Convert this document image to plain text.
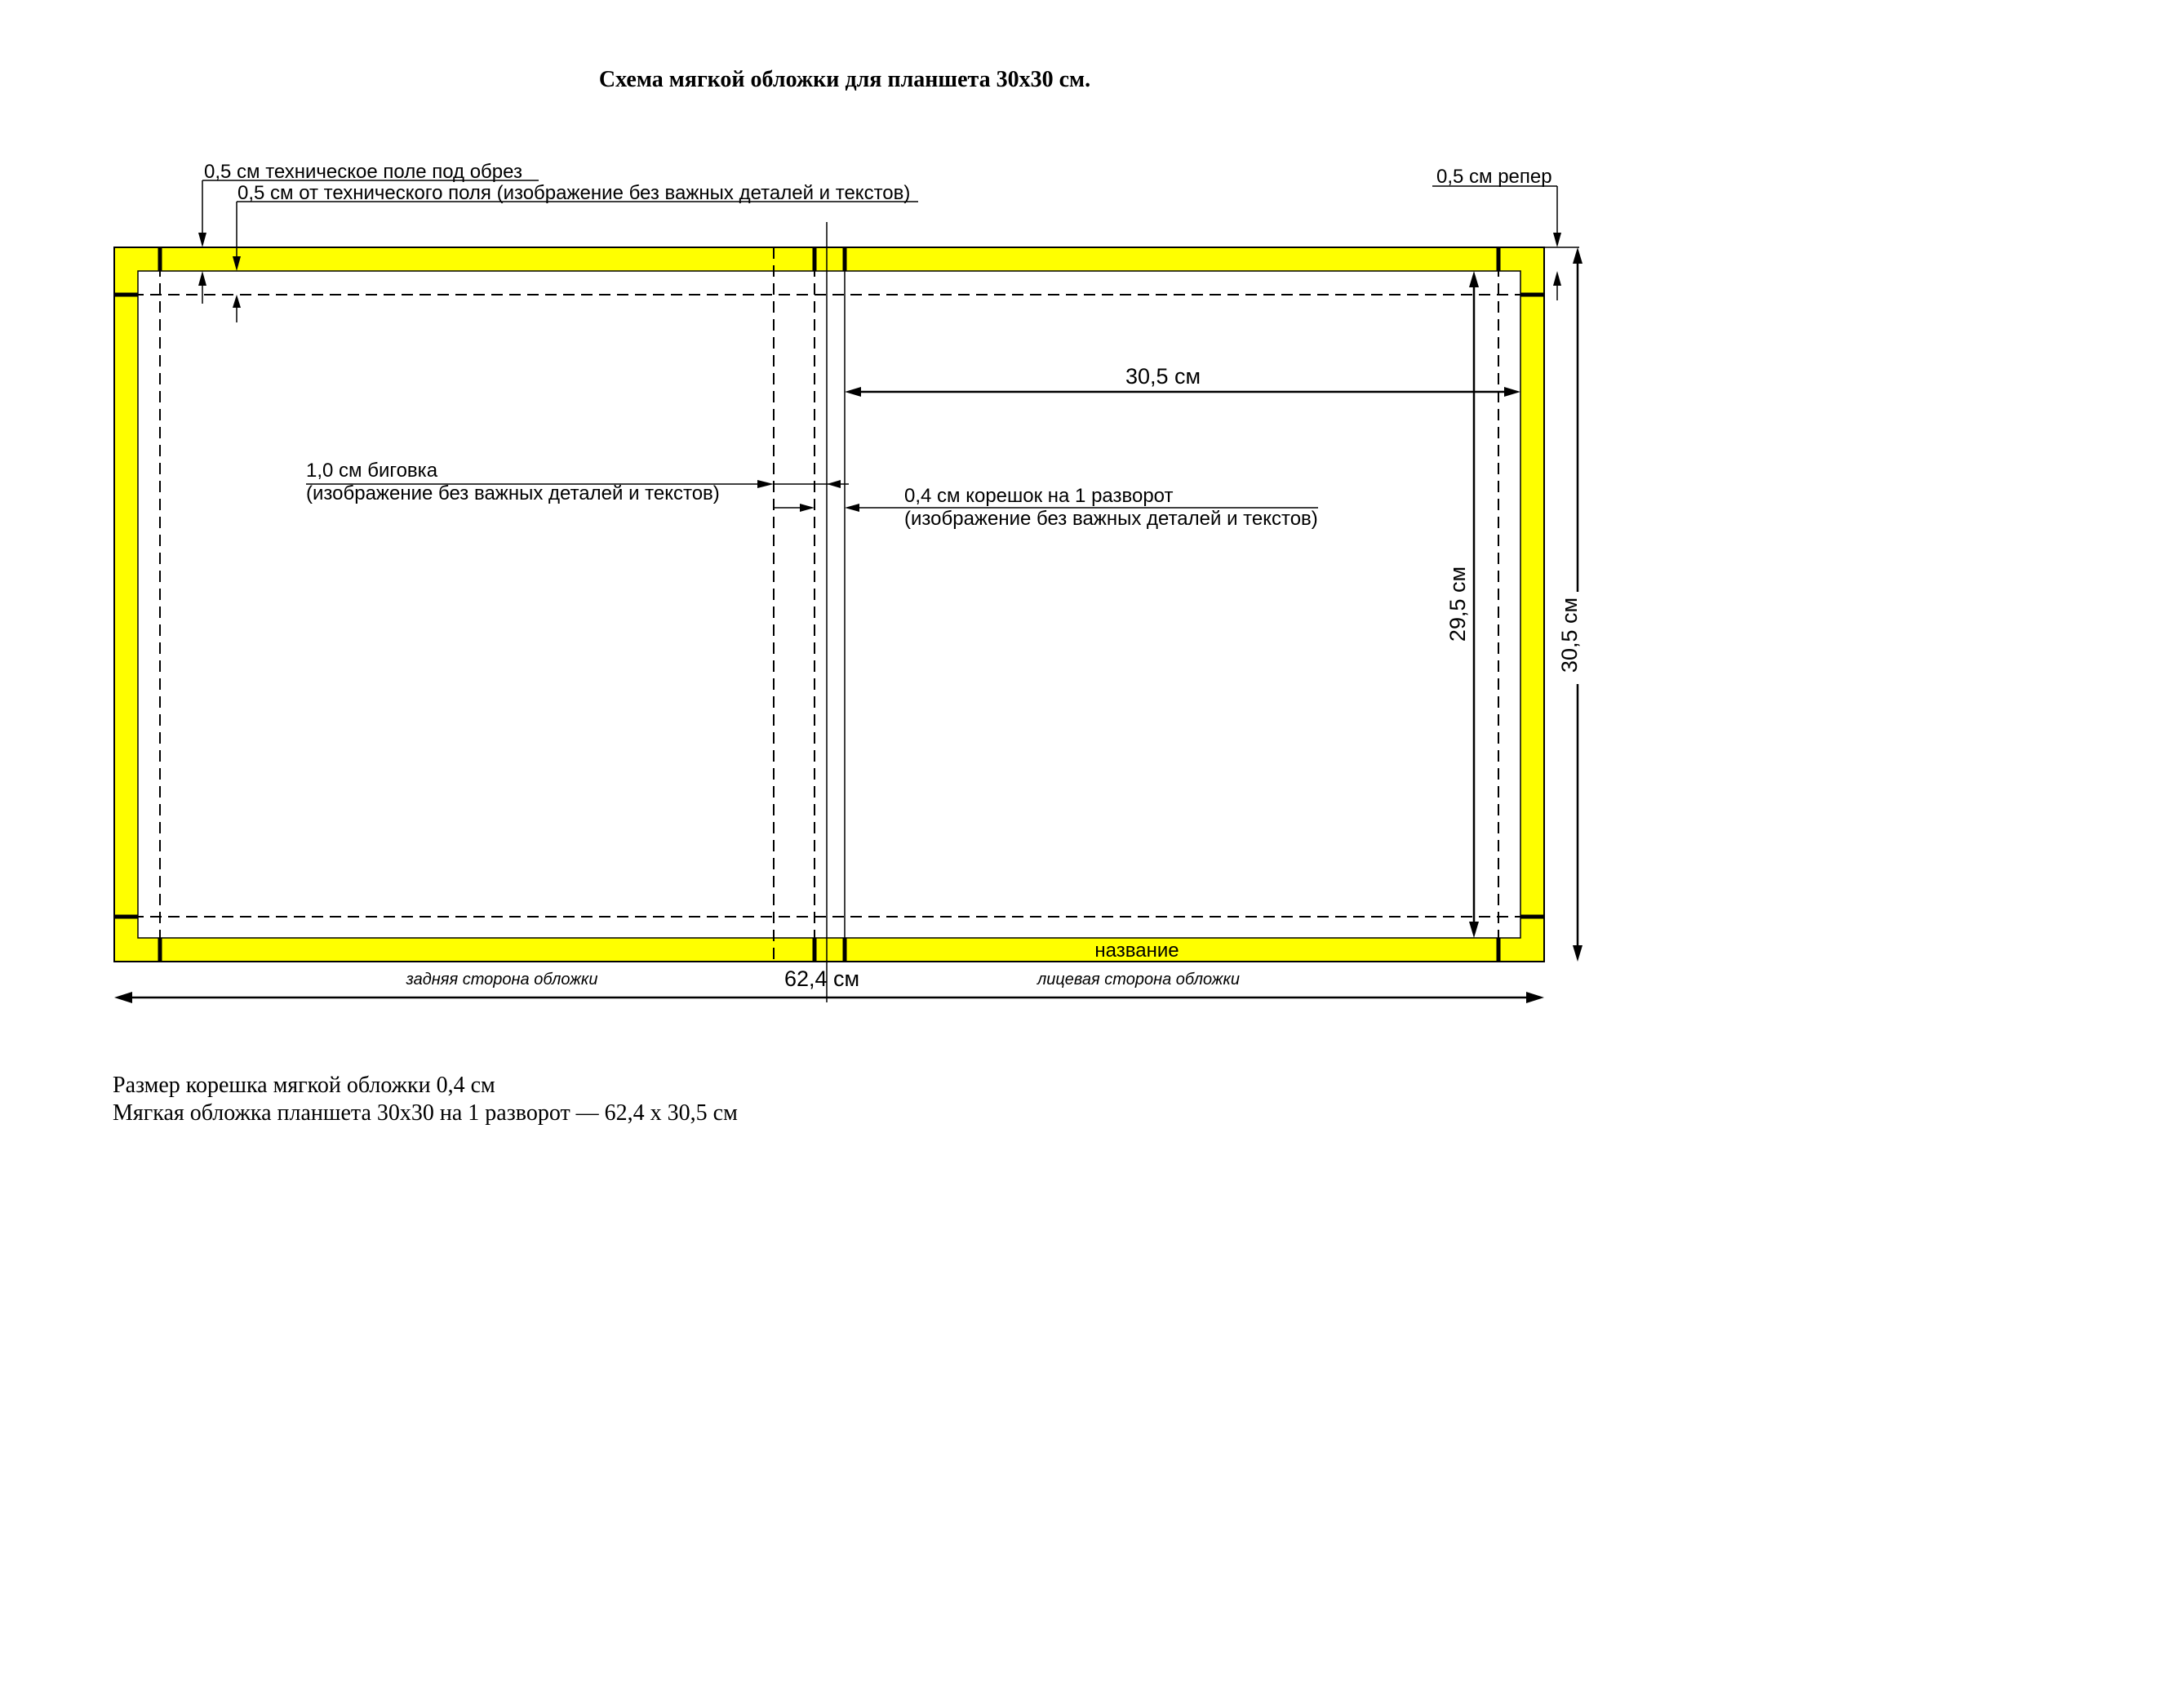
Схема мягкой обложки для планшета 30х30 см.
0,5 см техническое поле под обрез
0,5 см от технического поля (изображение без важных деталей и текстов)
0,5 см репер
30,5 см
1,0 см биговка
(изображение без важных деталей и текстов)	0,4 см корешок на 1 разворот
(изображение без важных деталей и текстов)
29,5 см	30,5 см
название
задняя сторона обложки	лицевая сторона обложки
62,4 см
Размер корешка мягкой обложки 0,4 см
Мягкая обложка планшета 30х30 на 1 разворот — 62,4 х 30,5 см
